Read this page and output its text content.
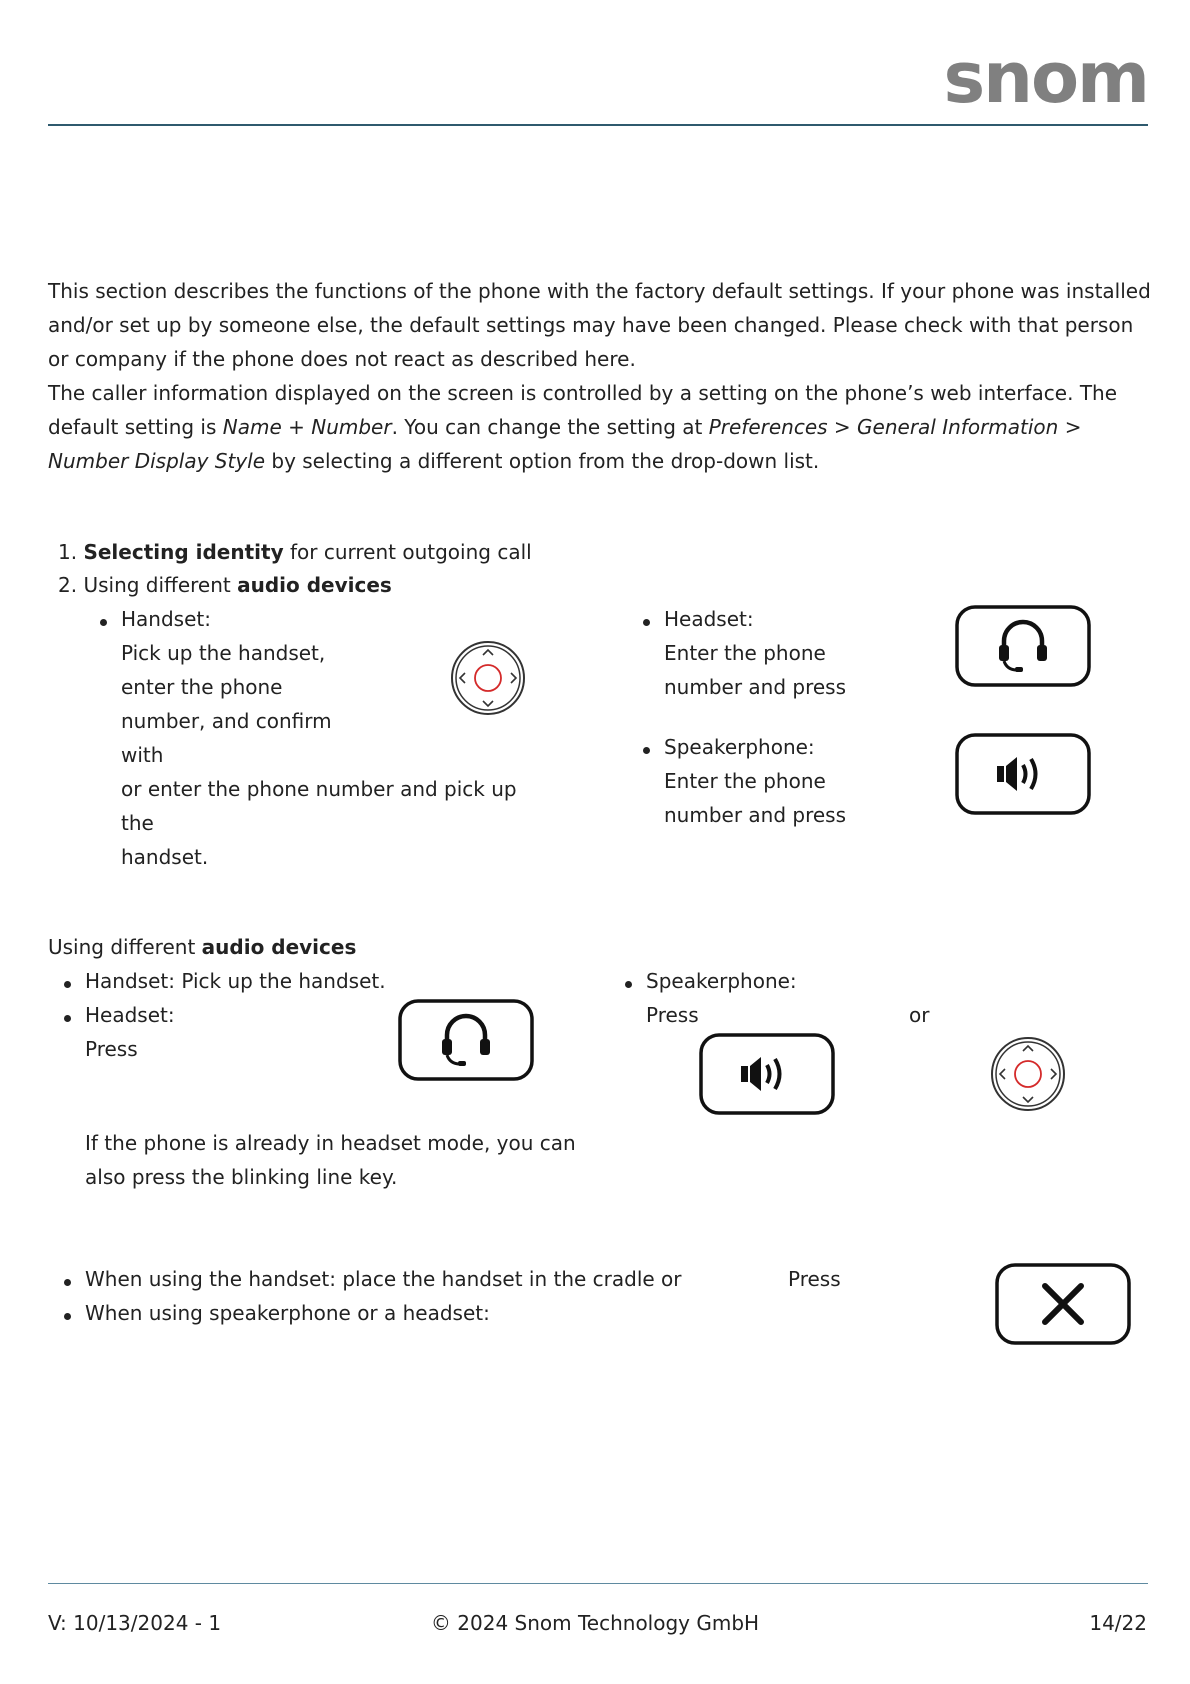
snom

This section describes the functions of the phone with the factory default settings. If your phone was installed and/or set up by someone else, the default settings may have been changed. Please check with that person or company if the phone does not react as described here.

The caller information displayed on the screen is controlled by a setting on the phone’s web interface. The default setting is Name + Number. You can change the setting at Preferences > General Information > Number Display Style by selecting a different option from the drop-down list.

1. Selecting identity for current outgoing call
2. Using different audio devices
Handset:
Pick up the handset,
enter the phone
number, and confirm
with
or enter the phone number and pick up the
handset.
Headset:
Enter the phone
number and press
Speakerphone:
Enter the phone
number and press
Using different audio devices
Handset: Pick up the handset.
Headset:
Press
If the phone is already in headset mode, you can
also press the blinking line key.
Speakerphone:
Press	or
When using the handset: place the handset in the cradle or
When using speakerphone or a headset:
Press
V: 10/13/2024 - 1	© 2024 Snom Technology GmbH	14/22
